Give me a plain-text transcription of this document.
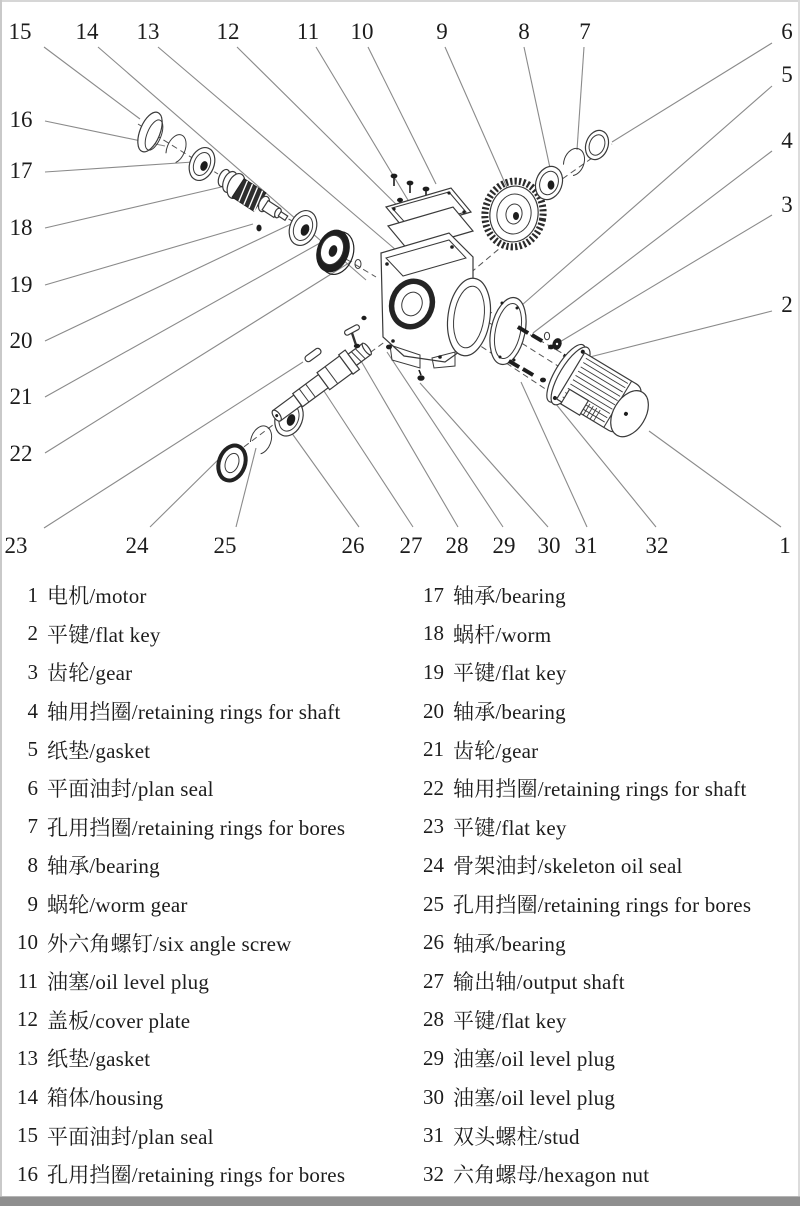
15 14 13 12 11 10	9	8 7	6
5
4
3
2
16
17
18
19
20
21
22
23	24	25	26 27 28 29 30 31 32	1
1 电机/motor
2 平键/flat key
3 齿轮/gear
4 轴用挡圈/retaining rings for shaft
5 纸垫/gasket
6 平面油封/plan seal
7 孔用挡圈/retaining rings for bores
8 轴承/bearing
9 蜗轮/worm gear
10 外六角螺钉/six angle screw
11 油塞/oil level plug
12 盖板/cover plate
13 纸垫/gasket
14 箱体/housing
15 平面油封/plan seal
16 孔用挡圈/retaining rings for bores
17 轴承/bearing
18 蜗杆/worm
19 平键/flat key
20 轴承/bearing
21 齿轮/gear
22 轴用挡圈/retaining rings for shaft
23 平键/flat key
24 骨架油封/skeleton oil seal
25 孔用挡圈/retaining rings for bores
26 轴承/bearing
27 输出轴/output shaft
28 平键/flat key
29 油塞/oil level plug
30 油塞/oil level plug
31 双头螺柱/stud
32 六角螺母/hexagon nut
